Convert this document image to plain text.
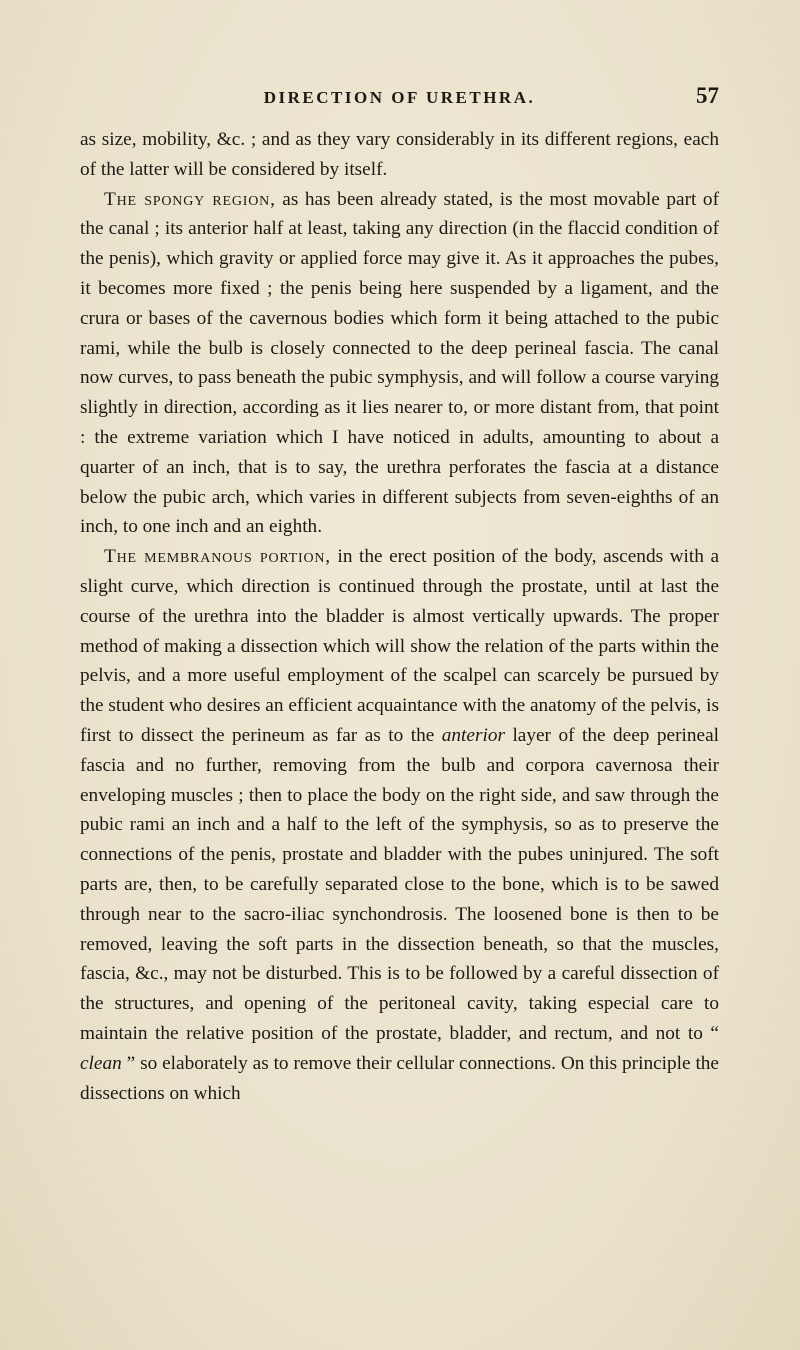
DIRECTION OF URETHRA.	57

as size, mobility, &c. ; and as they vary considerably in its different regions, each of the latter will be considered by itself.

The spongy region, as has been already stated, is the most movable part of the canal ; its anterior half at least, taking any direction (in the flaccid condition of the penis), which gravity or applied force may give it. As it approaches the pubes, it becomes more fixed ; the penis being here suspended by a ligament, and the crura or bases of the cavernous bodies which form it being attached to the pubic rami, while the bulb is closely connected to the deep perineal fascia. The canal now curves, to pass beneath the pubic symphysis, and will follow a course varying slightly in direction, according as it lies nearer to, or more distant from, that point : the extreme variation which I have noticed in adults, amounting to about a quarter of an inch, that is to say, the urethra perforates the fascia at a distance below the pubic arch, which varies in different subjects from seven-eighths of an inch, to one inch and an eighth.

The membranous portion, in the erect position of the body, ascends with a slight curve, which direction is continued through the prostate, until at last the course of the urethra into the bladder is almost vertically upwards. The proper method of making a dissection which will show the relation of the parts within the pelvis, and a more useful employment of the scalpel can scarcely be pursued by the student who desires an efficient acquaintance with the anatomy of the pelvis, is first to dissect the perineum as far as to the anterior layer of the deep perineal fascia and no further, removing from the bulb and corpora cavernosa their enveloping muscles ; then to place the body on the right side, and saw through the pubic rami an inch and a half to the left of the symphysis, so as to preserve the connections of the penis, prostate and bladder with the pubes uninjured. The soft parts are, then, to be carefully separated close to the bone, which is to be sawed through near to the sacro-iliac synchondrosis. The loosened bone is then to be removed, leaving the soft parts in the dissection beneath, so that the muscles, fascia, &c., may not be disturbed. This is to be followed by a careful dissection of the structures, and opening of the peritoneal cavity, taking especial care to maintain the relative position of the prostate, bladder, and rectum, and not to “ clean ” so elaborately as to remove their cellular connections. On this principle the dissections on which
